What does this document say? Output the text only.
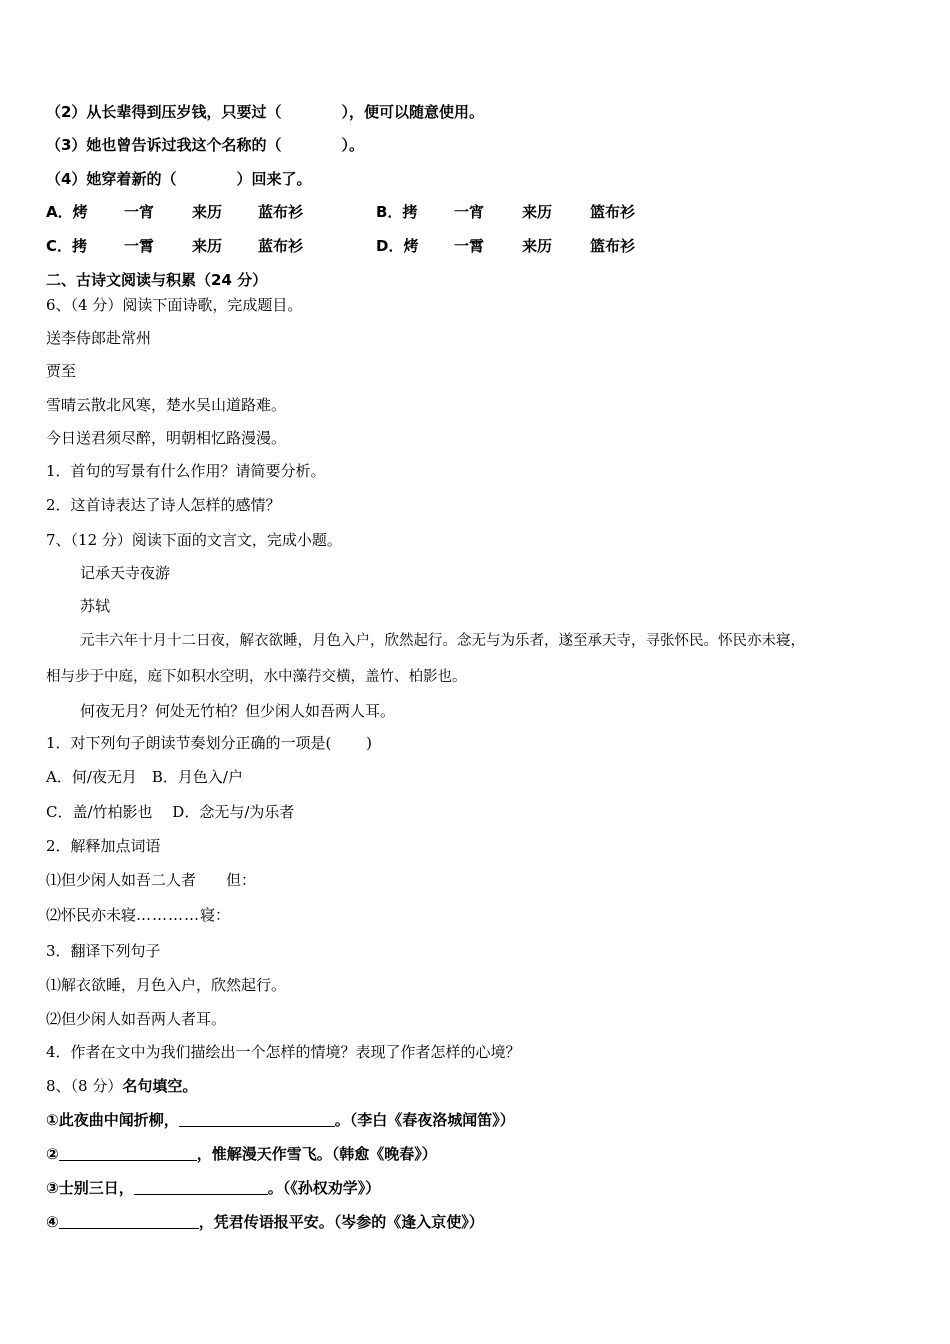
（2）从长辈得到压岁钱，只要过（　　　　），便可以随意使用。
（3）她也曾告诉过我这个名称的（　　　　）。
（4）她穿着新的（　　　　）回来了。
A．烤 一宵	来历 蓝布衫	B．拷 一宵	来历	篮布衫
C．拷 一霄	来历 蓝布衫	D．烤 一霄	来历	篮布衫
二、古诗文阅读与积累（24 分）
6、（4 分）阅读下面诗歌，完成题目。
送李侍郎赴常州
贾至
雪晴云散北风寒，楚水吴山道路难。
今日送君须尽醉，明朝相忆路漫漫。
1．首句的写景有什么作用？请简要分析。
2．这首诗表达了诗人怎样的感情？
7、（12 分）阅读下面的文言文，完成小题。
记承天寺夜游
苏轼
元丰六年十月十二日夜，解衣欲睡，月色入户，欣然起行。念无与为乐者，遂至承天寺，寻张怀民。怀民亦未寝，
相与步于中庭，庭下如积水空明，水中藻荇交横，盖竹、柏影也。
何夜无月？何处无竹柏？但少闲人如吾两人耳。
1．对下列句子朗读节奏划分正确的一项是(　　 )
A．何/夜无月　B．月色入/户
C．盖/竹柏影也　 D．念无与/为乐者
2．解释加点词语
⑴但少闲人如吾二人者　　但：
⑵怀民亦未寝…………寝：
3．翻译下列句子
⑴解衣欲睡，月色入户，欣然起行。
⑵但少闲人如吾两人者耳。
4．作者在文中为我们描绘出一个怎样的情境？表现了作者怎样的心境？
8、（8 分）名句填空。
①此夜曲中闻折柳，	。（李白《春夜洛城闻笛》）
②	，惟解漫天作雪飞。（韩愈《晚春》）
③士别三日，	。（《孙权劝学》）
④	，凭君传语报平安。（岑参的《逢入京使》）
